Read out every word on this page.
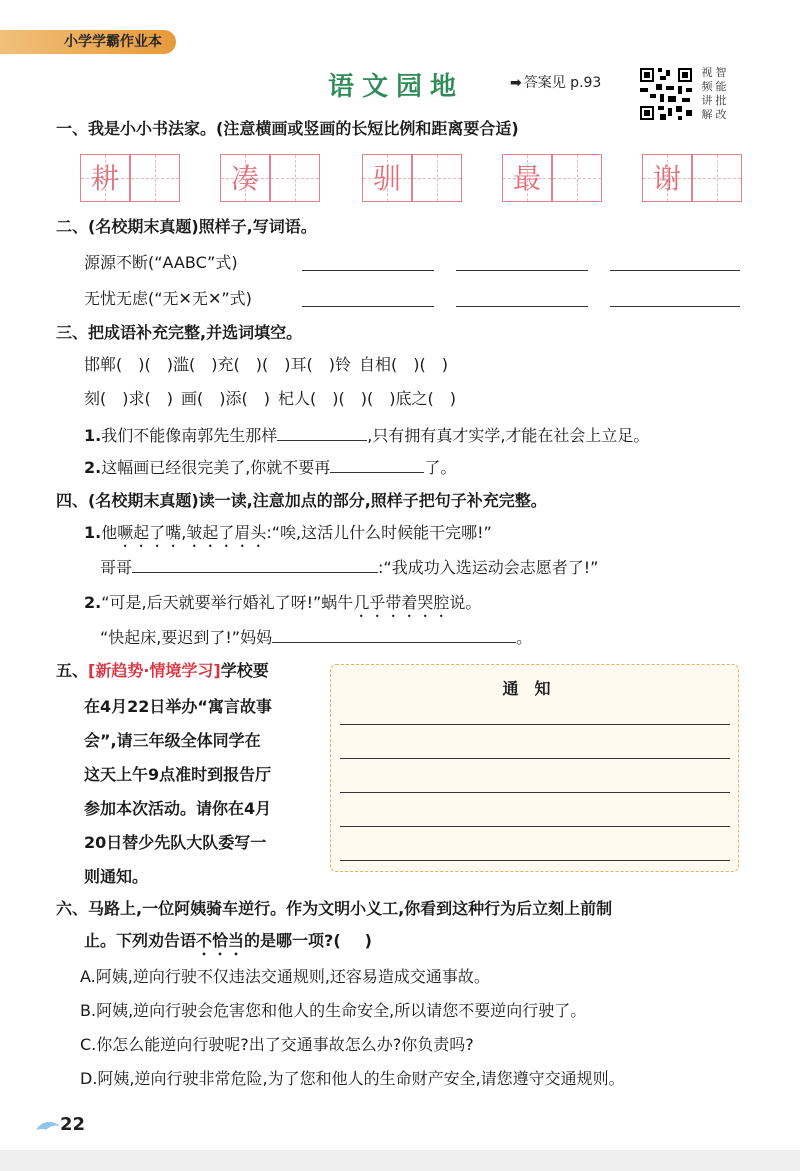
小学学霸作业本
语文园地	➡ 答案见 p.93
视 智
频 能
讲 批
解 改
一、我是小小书法家。(注意横画或竖画的长短比例和距离要合适)
耕	凑	驯	最	谢
二、(名校期末真题)照样子,写词语。
源源不断(“AABC”式)
无忧无虑(“无✕无✕”式)
三、把成语补充完整,并选词填空。
邯郸(   )(   )滥(   )充(   )(   )耳(   )铃  自相(   )(   )
刻(   )求(   )  画(   )添(   )  杞人(   )(   )(   )底之(   )
1.我们不能像南郭先生那样	,只有拥有真才实学,才能在社会上立足。
2.这幅画已经很完美了,你就不要再	了。
四、(名校期末真题)读一读,注意加点的部分,照样子把句子补充完整。
1.他噘起了嘴,皱起了眉头:“唉,这活儿什么时候能干完哪!”
哥哥	:“我成功入选运动会志愿者了!”
2.“可是,后天就要举行婚礼了呀!”蜗牛几乎带着哭腔说。
“快起床,要迟到了!”妈妈	。
五、[新趋势·情境学习]学校要
在4月22日举办“寓言故事
会”,请三年级全体同学在
这天上午9点准时到报告厅
参加本次活动。请你在4月
20日替少先队大队委写一
则通知。
通知
六、马路上,一位阿姨骑车逆行。作为文明小义工,你看到这种行为后立刻上前制
止。下列劝告语不恰当的是哪一项?(    )
A.阿姨,逆向行驶不仅违法交通规则,还容易造成交通事故。
B.阿姨,逆向行驶会危害您和他人的生命安全,所以请您不要逆向行驶了。
C.你怎么能逆向行驶呢?出了交通事故怎么办?你负责吗?
D.阿姨,逆向行驶非常危险,为了您和他人的生命财产安全,请您遵守交通规则。
22
